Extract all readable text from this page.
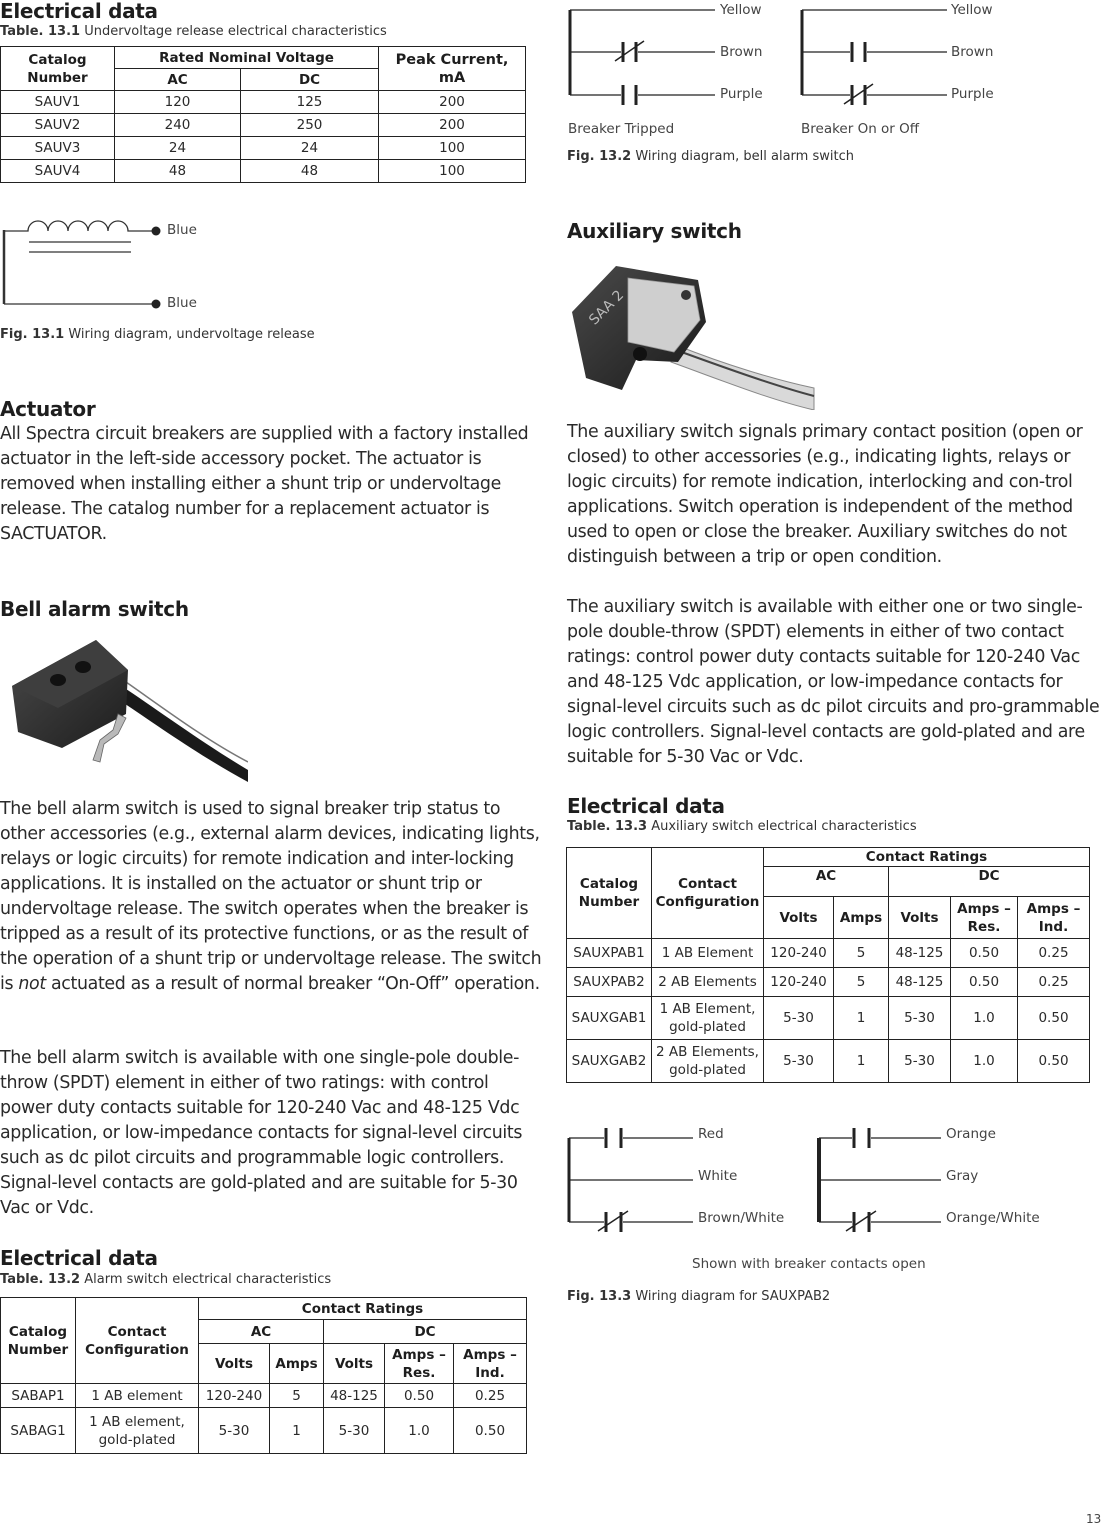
Electrical data
Table. 13.1 Undervoltage release electrical characteristics
Catalog Number	Rated Nominal Voltage		Peak Current, mA
	AC	DC	
SAUV1	120	125	200
SAUV2	240	250	200
SAUV3	24	24	100
SAUV4	48	48	100
Blue
Blue
Fig. 13.1 Wiring diagram, undervoltage release
Actuator

All Spectra circuit breakers are supplied with a factory installed actuator in the left-side accessory pocket. The actuator is removed when installing either a shunt trip or undervoltage release. The catalog number for a replacement actuator is SACTUATOR.

Bell alarm switch

The bell alarm switch is used to signal breaker trip status to other accessories (e.g., external alarm devices, indicating lights, relays or logic circuits) for remote indication and inter-locking applications. It is installed on the actuator or shunt trip or undervoltage release. The switch operates when the breaker is tripped as a result of its protective functions, or as the result of the operation of a shunt trip or undervoltage release. The switch is not actuated as a result of normal breaker “On-Off” operation.

The bell alarm switch is available with one single-pole double-throw (SPDT) element in either of two ratings: with control power duty contacts suitable for 120-240 Vac and 48-125 Vdc application, or low-impedance contacts for signal-level circuits such as dc pilot circuits and programmable logic controllers. Signal-level contacts are gold-plated and are suitable for 5-30 Vac or Vdc.

Electrical data
Table. 13.2 Alarm switch electrical characteristics
Catalog Number	Contact Configuration	Contact Ratings				
		AC		DC		
		Volts	Amps	Volts	Amps – Res.	Amps – Ind.
SABAP1	1 AB element	120-240	5	48-125	0.50	0.25
SABAG1	1 AB element, gold-plated	5-30	1	5-30	1.0	0.50
Yellow
Brown
Purple
Breaker Tripped
Yellow
Brown
Purple
Breaker On or Off
Fig. 13.2 Wiring diagram, bell alarm switch
Auxiliary switch
SAA 2

The auxiliary switch signals primary contact position (open or closed) to other accessories (e.g., indicating lights, relays or logic circuits) for remote indication, interlocking and con-trol applications. Switch operation is independent of the method used to open or close the breaker. Auxiliary switches do not distinguish between a trip or open condition.

The auxiliary switch is available with either one or two single-pole double-throw (SPDT) elements in either of two contact ratings: control power duty contacts suitable for 120-240 Vac and 48-125 Vdc application, or low-impedance contacts for signal-level circuits such as dc pilot circuits and pro-grammable logic controllers. Signal-level contacts are gold-plated and are suitable for 5-30 Vac or Vdc.

Electrical data
Table. 13.3 Auxiliary switch electrical characteristics
Catalog Number	Contact Configuration	Contact Ratings				
		AC		DC		
		Volts	Amps	Volts	Amps – Res.	Amps – Ind.
SAUXPAB1	1 AB Element	120-240	5	48-125	0.50	0.25
SAUXPAB2	2 AB Elements	120-240	5	48-125	0.50	0.25
SAUXGAB1	1 AB Element, gold-plated	5-30	1	5-30	1.0	0.50
SAUXGAB2	2 AB Elements, gold-plated	5-30	1	5-30	1.0	0.50
Red
White
Brown/White
Orange
Gray
Orange/White
Shown with breaker contacts open
Fig. 13.3 Wiring diagram for SAUXPAB2
13
